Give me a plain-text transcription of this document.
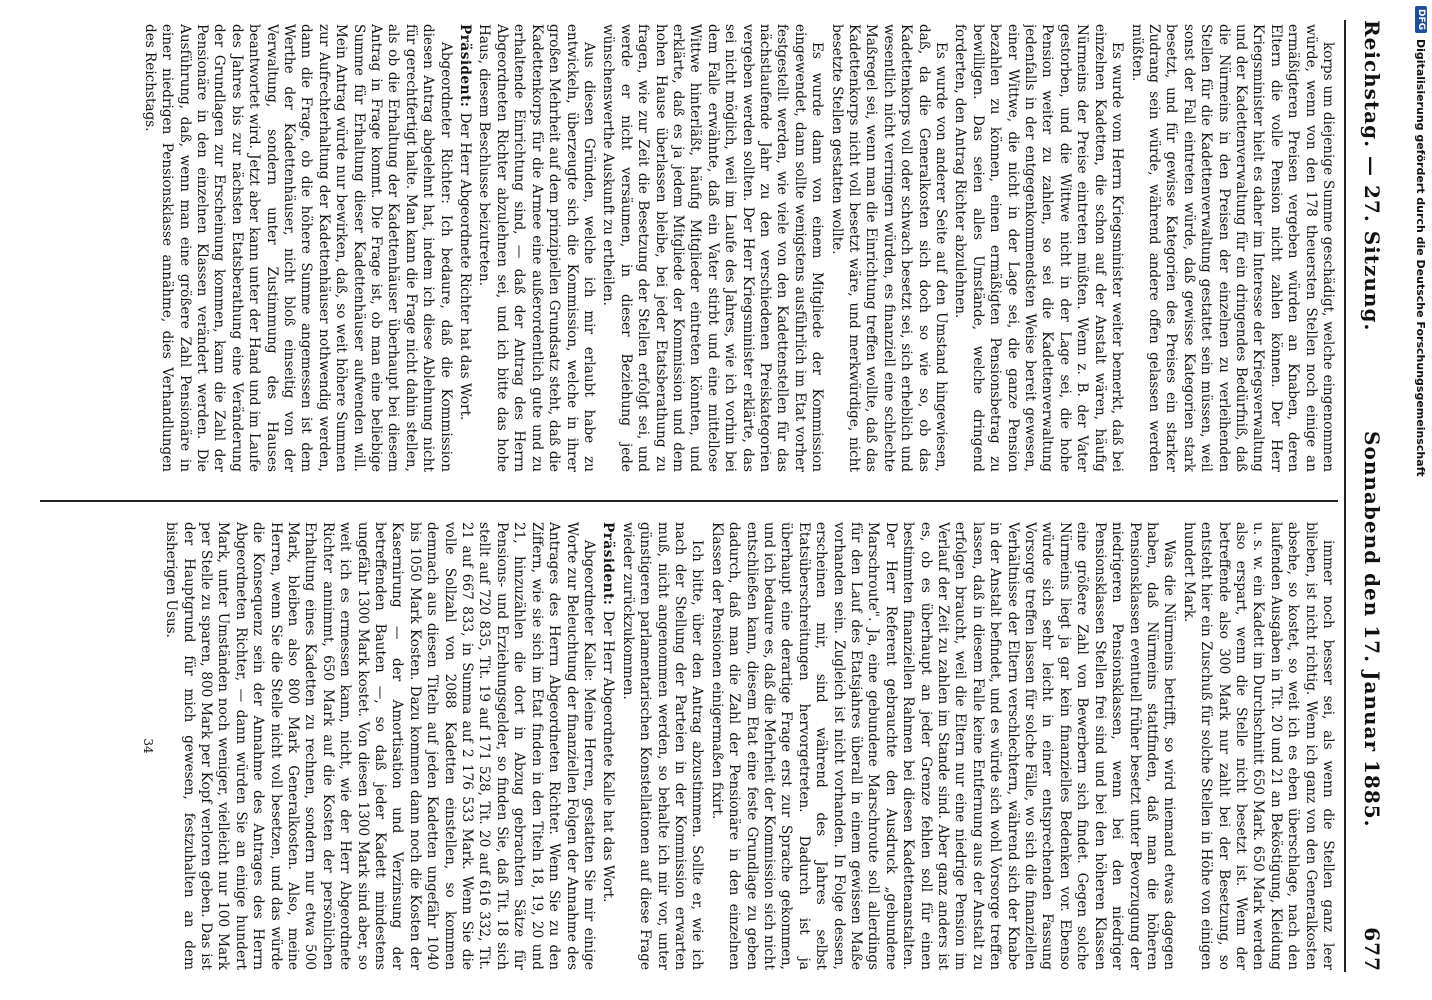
Reichstag. — 27. Sitzung.
Sonnabend den 17. Januar 1885.
677

korps um diejenige Summe geschädigt, welche eingenommen würde, wenn von den 178 theuersten Stellen noch einige an ermäßigteren Preisen vergeben würden an Knaben, deren Eltern die volle Pension nicht zahlen können. Der Herr Kriegsminister hielt es daher im Interesse der Kriegsverwaltung und der Kadettenverwaltung für ein dringendes Bedürfniß, daß die Nürmeins in den Preisen der einzelnen zu verleihenden Stellen für die Kadettenverwaltung gestattet sein müssen, weil sonst der Fall eintreten würde, daß gewisse Kategorien stark besetzt, und für gewisse Kategorien des Preises ein starker Zudrang sein würde, während andere offen gelassen werden müßten.

Es wurde vom Herrn Kriegsminister weiter bemerkt, daß bei einzelnen Kadetten, die schon auf der Anstalt wären, häufig Nürmeins der Preise eintreten müßten. Wenn z. B. der Vater gestorben, und die Wittwe nicht in der Lage sei, die hohe Pension weiter zu zahlen, so sei die Kadettenverwaltung jedenfalls in der entgegenkommendsten Weise bereit gewesen, einer Wittwe, die nicht in der Lage sei, die ganze Pension bezahlen zu können, einen ermäßigten Pensionsbetrag zu bewilligen. Das seien alles Umstände, welche dringend forderten, den Antrag Richter abzulehnen.

Es wurde von anderer Seite auf den Umstand hingewiesen, daß, da die Generalkosten sich doch so wie so, ob das Kadettenkorps voll oder schwach besetzt sei, sich erheblich und wesentlich nicht verringern würden, es finanziell eine schlechte Maßregel sei, wenn man die Einrichtung treffen wollte, daß das Kadettenkorps nicht voll besetzt wäre, und merkwürdige, nicht besetzte Stellen gestatten wollte.

Es wurde dann von einem Mitgliede der Kommission eingewendet, dann sollte wenigstens ausführlich im Etat vorher festgestellt werden, wie viele von den Kadettenstellen für das nächstlaufende Jahr zu den verschiedenen Preiskategorien vergeben werden sollten. Der Herr Kriegsminister erklärte, das sei nicht möglich, weil im Laufe des Jahres, wie ich vorhin bei dem Falle erwähnte, daß ein Vater stirbt und eine mittellose Wittwe hinterläßt, häufig Mitglieder eintreten könnten, und erklärte, daß es ja jedem Mitgliede der Kommission und dem hohen Hause überlassen bleibe, bei jeder Etatsberathung zu fragen, wie zur Zeit die Besetzung der Stellen erfolgt sei, und werde er nicht versäumen, in dieser Beziehung jede wünschenswerthe Auskunft zu ertheilen.

Aus diesen Gründen, welche ich mir erlaubt habe zu entwickeln, überzeugte sich die Kommission, welche in ihrer großen Mehrheit auf dem prinzipiellen Grundsatz steht, daß die Kadettenkorps für die Armee eine außerordentlich gute und zu erhaltende Einrichtung sind, — daß der Antrag des Herrn Abgeordneten Richter abzulehnen sei, und ich bitte das hohe Haus, diesem Beschlusse beizutreten.

Präsident: Der Herr Abgeordnete Richter hat das Wort.

Abgeordneter Richter: Ich bedaure, daß die Kommission diesen Antrag abgelehnt hat, indem ich diese Ablehnung nicht für gerechtfertigt halte. Man kann die Frage nicht dahin stellen, als ob die Erhaltung der Kadettenhäuser überhaupt bei diesem Antrag in Frage kommt. Die Frage ist, ob man eine beliebige Summe für Erhaltung dieser Kadettenhäuser aufwenden will. Mein Antrag würde nur bewirken, daß, so weit höhere Summen zur Aufrechterhaltung der Kadettenhäuser nothwendig werden, dann die Frage, ob die höhere Summe angemessen ist dem Werthe der Kadettenhäuser, nicht bloß einseitig von der Verwaltung, sondern unter Zustimmung des Hauses beantwortet wird. Jetzt aber kann unter der Hand und im Laufe des Jahres bis zur nächsten Etatsberathung eine Veränderung der Grundlagen zur Erscheinung kommen, kann die Zahl der Pensionäre in den einzelnen Klassen verändert werden. Die Ausführung, daß, wenn man eine größere Zahl Pensionäre in einer niedrigen Pensionsklasse annähme, dies Verhandlungen des Reichstags.

immer noch besser sei, als wenn die Stellen ganz leer blieben, ist nicht richtig. Wenn ich ganz von den Generalkosten absehe, so kostet, so weit ich es eben überschlage, nach den laufenden Ausgaben in Tit. 20 und 21 an Beköstigung, Kleidung u. s. w. ein Kadett im Durchschnitt 650 Mark. 650 Mark werden also erspart, wenn die Stelle nicht besetzt ist. Wenn der betreffende also 300 Mark nur zahlt bei der Besetzung, so entsteht hier ein Zuschuß für solche Stellen in Höhe von einigen hundert Mark.

Was die Nürmeins betrifft, so wird niemand etwas dagegen haben, daß Nürmeins stattfinden, daß man die höheren Pensionsklassen eventuell früher besetzt unter Bevorzugung der niedrigeren Pensionsklassen, wenn bei den niedriger Pensionsklassen Stellen frei sind und bei den höheren Klassen eine größere Zahl von Bewerbern sich findet. Gegen solche Nürmeins liegt ja gar kein finanzielles Bedenken vor. Ebenso würde sich sehr leicht in einer entsprechenden Fassung Vorsorge treffen lassen für solche Fälle, wo sich die finanziellen Verhältnisse der Eltern verschlechtern, während sich der Knabe in der Anstalt befindet, und es würde sich wohl Vorsorge treffen lassen, daß in diesem Falle keine Entfernung aus der Anstalt zu erfolgen braucht, weil die Eltern nur eine niedrige Pension im Verlauf der Zeit zu zahlen im Stande sind. Aber ganz anders ist es, ob es überhaupt an jeder Grenze fehlen soll für einen bestimmten finanziellen Rahmen bei diesen Kadettenanstalten. Der Herr Referent gebrauchte den Ausdruck „gebundene Marschroute". Ja, eine gebundene Marschroute soll allerdings für den Lauf des Etatsjahres überall in einem gewissen Maße vorhanden sein. Zugleich ist nicht vorhanden. In Folge dessen, erscheinen mir, sind während des Jahres selbst Etatsüberschreitungen hervorgetreten. Dadurch ist ja überhaupt eine derartige Frage erst zur Sprache gekommen, und ich bedaure es, daß die Mehrheit der Kommission sich nicht entschließen kann, diesem Etat eine feste Grundlage zu geben dadurch, daß man die Zahl der Pensionäre in den einzelnen Klassen der Pensionen einigermaßen fixirt.

Ich bitte, über den Antrag abzustimmen. Sollte er, wie ich nach der Stellung der Parteien in der Kommission erwarten muß, nicht angenommen werden, so behalte ich mir vor, unter günstigeren parlamentarischen Konstellationen auf diese Frage wieder zurückzukommen.

Präsident: Der Herr Abgeordnete Kalle hat das Wort.

Abgeordneter Kalle: Meine Herren, gestatten Sie mir einige Worte zur Beleuchtung der finanziellen Folgen der Annahme des Antrages des Herrn Abgeordneten Richter. Wenn Sie zu den Ziffern, wie sie sich im Etat finden in den Titeln 18, 19, 20 und 21, hinzuzählen die dort in Abzug gebrachten Sätze für Pensions- und Erziehungsgelder, so finden Sie, daß Tit. 18 sich stellt auf 720 835, Tit. 19 auf 171 528, Tit. 20 auf 616 332, Tit. 21 auf 667 833, in Summa auf 2 176 533 Mark. Wenn Sie die volle Sollzahl von 2088 Kadetten einstellen, so kommen demnach aus diesen Titeln auf jeden Kadetten ungefähr 1040 bis 1050 Mark Kosten. Dazu kommen dann noch die Kosten der Kasernirung — der Amortisation und Verzinsung der betreffenden Bauten —, so daß jeder Kadett mindestens ungefähr 1300 Mark kostet. Von diesen 1300 Mark sind aber, so weit ich es ermessen kann, nicht, wie der Herr Abgeordnete Richter annimmt, 650 Mark auf die Kosten der persönlichen Erhaltung eines Kadetten zu rechnen, sondern nur etwa 500 Mark, bleiben also 800 Mark Generalkosten. Also, meine Herren, wenn Sie die Stelle nicht voll besetzen, und das würde die Konsequenz sein der Annahme des Antrages des Herrn Abgeordneten Richter, — dann würden Sie an einige hundert Mark, unter Umständen noch weniger, vielleicht nur 100 Mark per Stelle zu sparen, 800 Mark per Kopf verloren geben. Das ist der Hauptgrund für mich gewesen, festzuhalten an dem bisherigen Usus.

34
DFG
Digitalisierung gefördert durch die Deutsche Forschungsgemeinschaft
